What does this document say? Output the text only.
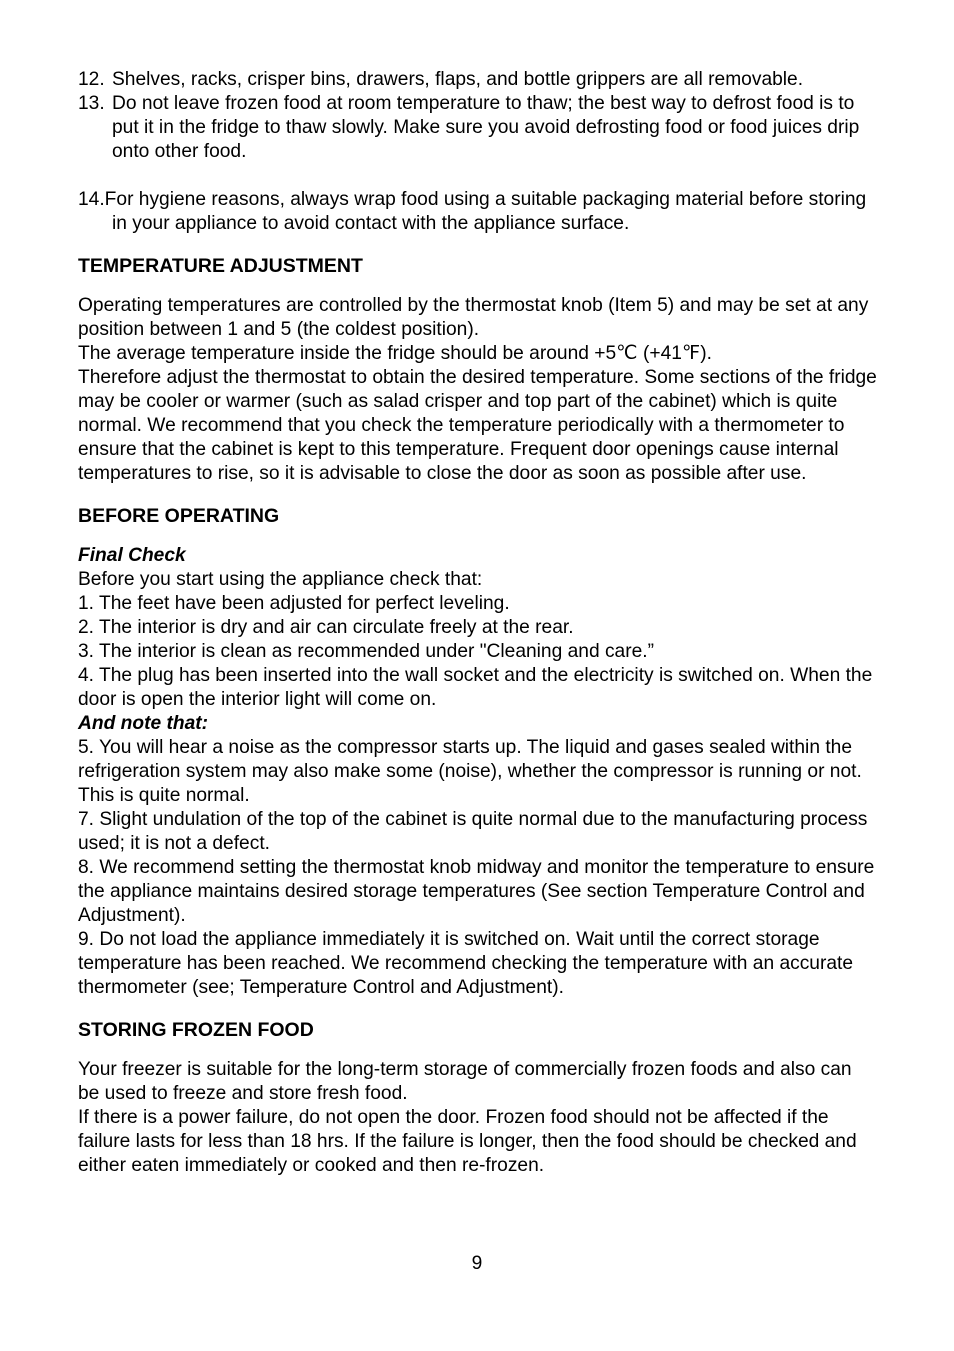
12. Shelves, racks, crisper bins, drawers, flaps, and bottle grippers are all removable.
13. Do not leave frozen food at room temperature to thaw; the best way to defrost food is to put it in the fridge to thaw slowly. Make sure you avoid defrosting food or food juices drip onto other food.
14.For hygiene reasons, always wrap food using a suitable packaging material before storing in your appliance to avoid contact with the appliance surface.
TEMPERATURE ADJUSTMENT

Operating temperatures are controlled by the thermostat knob (Item 5) and may be set at any position between 1 and 5 (the coldest position).

The average temperature inside the fridge should be around +5℃ (+41℉).

Therefore adjust the thermostat to obtain the desired temperature. Some sections of the fridge may be cooler or warmer (such as salad crisper and top part of the cabinet) which is quite normal. We recommend that you check the temperature periodically with a thermometer to ensure that the cabinet is kept to this temperature. Frequent door openings cause internal temperatures to rise, so it is advisable to close the door as soon as possible after use.

BEFORE OPERATING

Final Check

Before you start using the appliance check that:

1. The feet have been adjusted for perfect leveling.

2. The interior is dry and air can circulate freely at the rear.

3. The interior is clean as recommended under "Cleaning and care.”

4. The plug has been inserted into the wall socket and the electricity is switched on. When the door is open the interior light will come on.

And note that:

5. You will hear a noise as the compressor starts up. The liquid and gases sealed within the refrigeration system may also make some (noise), whether the compressor is running or not. This is quite normal.

7. Slight undulation of the top of the cabinet is quite normal due to the manufacturing process used; it is not a defect.

8. We recommend setting the thermostat knob midway and monitor the temperature to ensure the appliance maintains desired storage temperatures (See section Temperature Control and Adjustment).

9. Do not load the appliance immediately it is switched on. Wait until the correct storage temperature has been reached. We recommend checking the temperature with an accurate thermometer (see; Temperature Control and Adjustment).

STORING FROZEN FOOD

Your freezer is suitable for the long-term storage of commercially frozen foods and also can be used to freeze and store fresh food.

If there is a power failure, do not open the door. Frozen food should not be affected if the failure lasts for less than 18 hrs. If the failure is longer, then the food should be checked and either eaten immediately or cooked and then re-frozen.

9
